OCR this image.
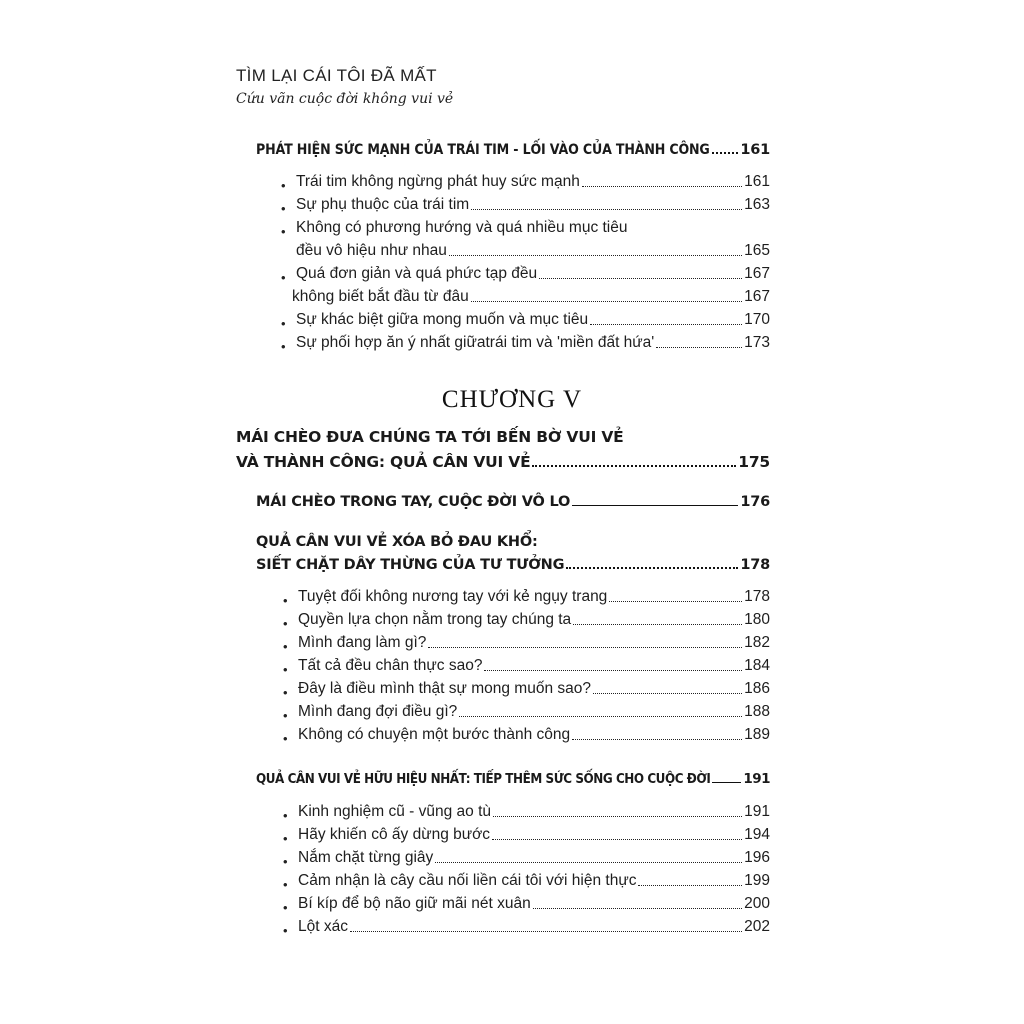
TÌM LẠI CÁI TÔI ĐÃ MẤT
Cứu vãn cuộc đời không vui vẻ
PHÁT HIỆN SỨC MẠNH CỦA TRÁI TIM - LỐI VÀO CỦA THÀNH CÔNG 161
• Trái tim không ngừng phát huy sức mạnh	161
• Sự phụ thuộc của trái tim	163
• Không có phương hướng và quá nhiều mục tiêu
đều vô hiệu như nhau	165
• Quá đơn giản và quá phức tạp đều	167
không biết bắt đầu từ đâu	167
• Sự khác biệt giữa mong muốn và mục tiêu	170
• Sự phối hợp ăn ý nhất giữatrái tim và 'miền đất hứa'	173
CHƯƠNG V
MÁI CHÈO ĐƯA CHÚNG TA TỚI BẾN BỜ VUI VẺ
VÀ THÀNH CÔNG: QUẢ CÂN VUI VẺ	175
MÁI CHÈO TRONG TAY, CUỘC ĐỜI VÔ LO	176
QUẢ CÂN VUI VẺ XÓA BỎ ĐAU KHỔ:
SIẾT CHẶT DÂY THỪNG CỦA TƯ TƯỞNG	178
• Tuyệt đối không nương tay với kẻ ngụy trang	178
• Quyền lựa chọn nằm trong tay chúng ta	180
• Mình đang làm gì?	182
• Tất cả đều chân thực sao?	184
• Đây là điều mình thật sự mong muốn sao?	186
• Mình đang đợi điều gì?	188
• Không có chuyện một bước thành công	189
QUẢ CÂN VUI VẺ HỮU HIỆU NHẤT: TIẾP THÊM SỨC SỐNG CHO CUỘC ĐỜI 191
• Kinh nghiệm cũ - vũng ao tù	191
• Hãy khiến cô ấy dừng bước	194
• Nắm chặt từng giây	196
• Cảm nhận là cây cầu nối liền cái tôi với hiện thực	199
• Bí kíp để bộ não giữ mãi nét xuân	200
• Lột xác	202
